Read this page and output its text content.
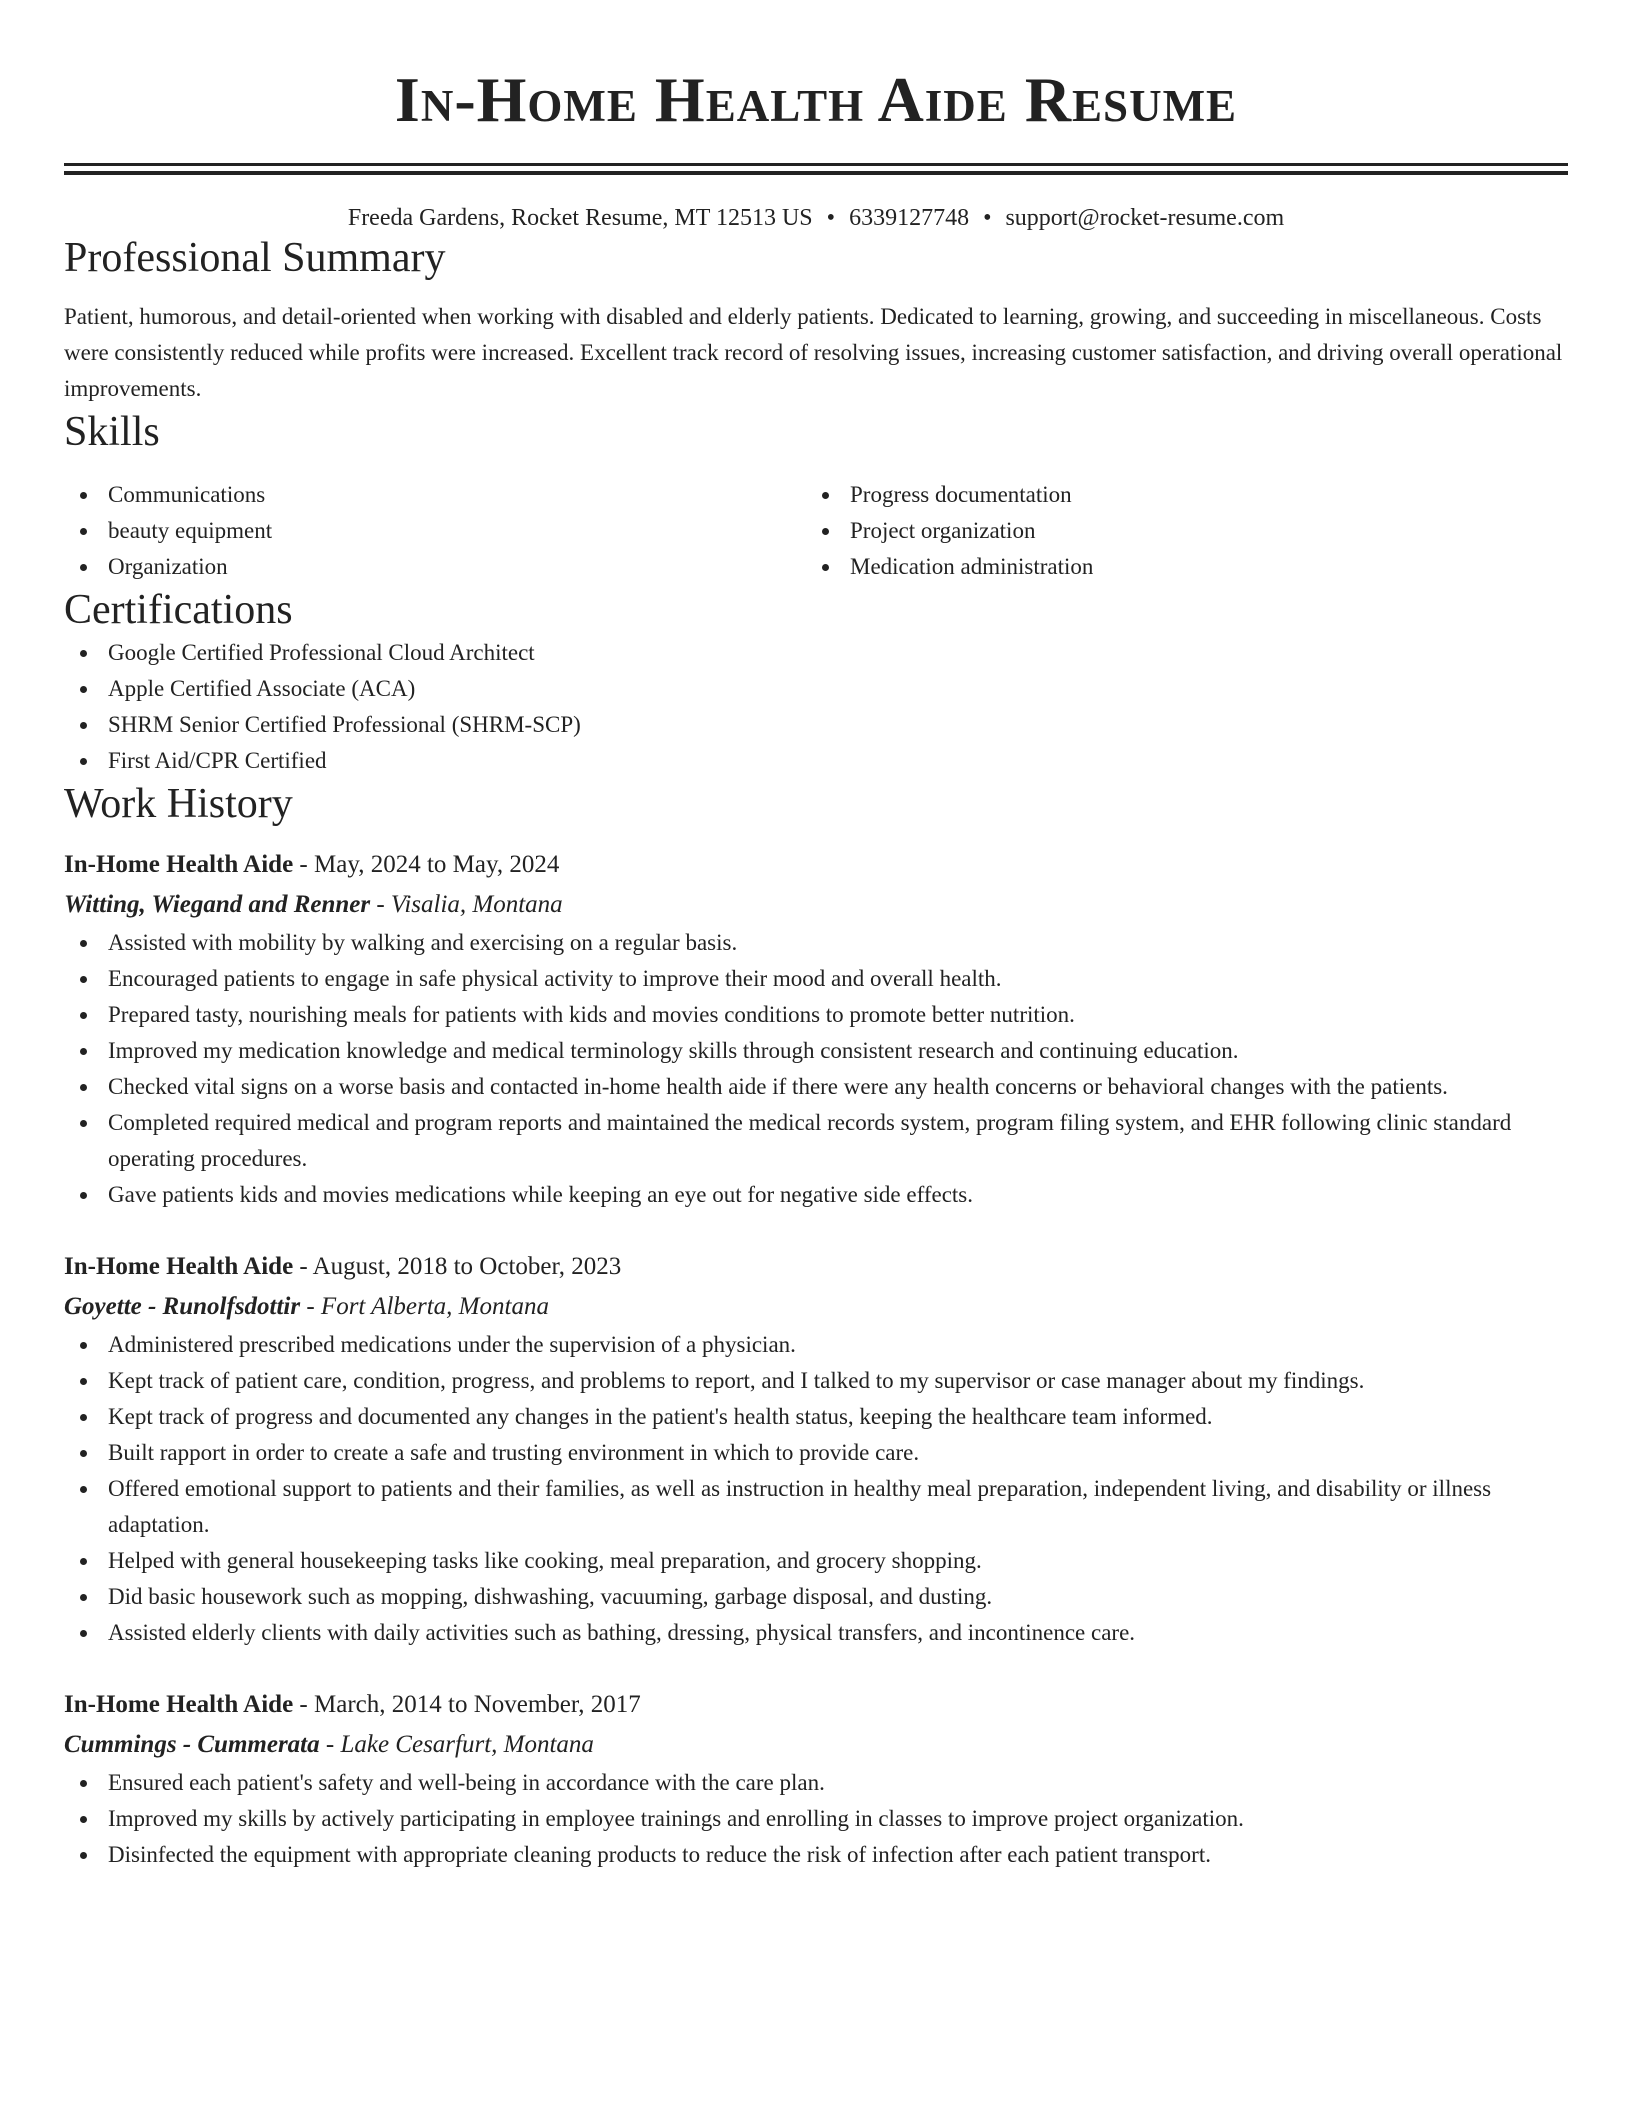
In-Home Health Aide Resume
Freeda Gardens, Rocket Resume, MT 12513 US • 6339127748 • support@rocket-resume.com
Professional Summary
Patient, humorous, and detail-oriented when working with disabled and elderly patients. Dedicated to learning, growing, and succeeding in miscellaneous. Costs were consistently reduced while profits were increased. Excellent track record of resolving issues, increasing customer satisfaction, and driving overall operational improvements.
Skills
Communications
beauty equipment
Organization
Progress documentation
Project organization
Medication administration
Certifications
Google Certified Professional Cloud Architect
Apple Certified Associate (ACA)
SHRM Senior Certified Professional (SHRM-SCP)
First Aid/CPR Certified
Work History
In-Home Health Aide - May, 2024 to May, 2024
Witting, Wiegand and Renner - Visalia, Montana
Assisted with mobility by walking and exercising on a regular basis.
Encouraged patients to engage in safe physical activity to improve their mood and overall health.
Prepared tasty, nourishing meals for patients with kids and movies conditions to promote better nutrition.
Improved my medication knowledge and medical terminology skills through consistent research and continuing education.
Checked vital signs on a worse basis and contacted in-home health aide if there were any health concerns or behavioral changes with the patients.
Completed required medical and program reports and maintained the medical records system, program filing system, and EHR following clinic standard operating procedures.
Gave patients kids and movies medications while keeping an eye out for negative side effects.
In-Home Health Aide - August, 2018 to October, 2023
Goyette - Runolfsdottir - Fort Alberta, Montana
Administered prescribed medications under the supervision of a physician.
Kept track of patient care, condition, progress, and problems to report, and I talked to my supervisor or case manager about my findings.
Kept track of progress and documented any changes in the patient's health status, keeping the healthcare team informed.
Built rapport in order to create a safe and trusting environment in which to provide care.
Offered emotional support to patients and their families, as well as instruction in healthy meal preparation, independent living, and disability or illness adaptation.
Helped with general housekeeping tasks like cooking, meal preparation, and grocery shopping.
Did basic housework such as mopping, dishwashing, vacuuming, garbage disposal, and dusting.
Assisted elderly clients with daily activities such as bathing, dressing, physical transfers, and incontinence care.
In-Home Health Aide - March, 2014 to November, 2017
Cummings - Cummerata - Lake Cesarfurt, Montana
Ensured each patient's safety and well-being in accordance with the care plan.
Improved my skills by actively participating in employee trainings and enrolling in classes to improve project organization.
Disinfected the equipment with appropriate cleaning products to reduce the risk of infection after each patient transport.
